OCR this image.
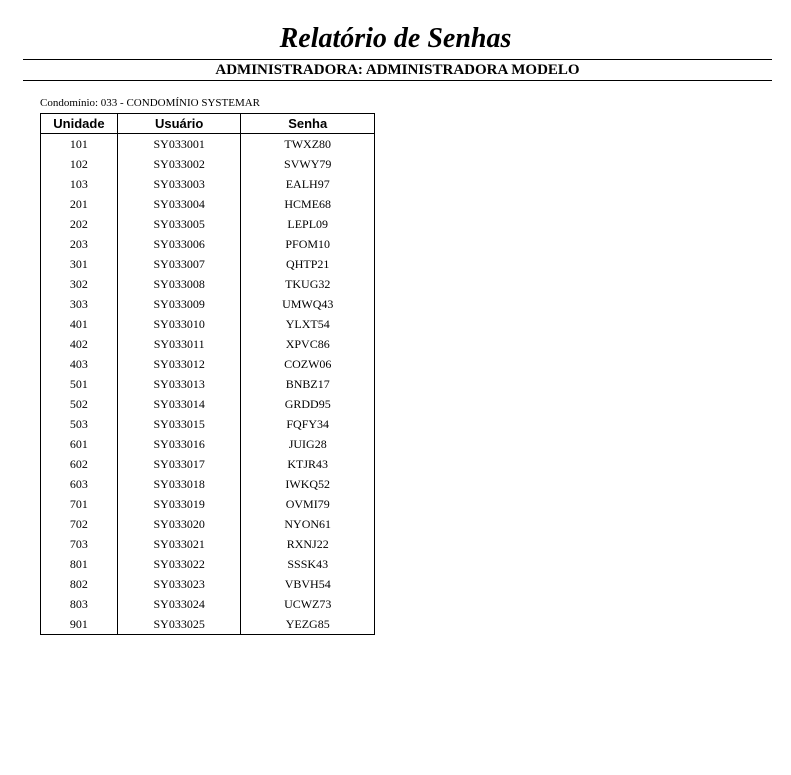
Relatório de Senhas
ADMINISTRADORA: ADMINISTRADORA MODELO
Condomínio: 033 - CONDOMÍNIO SYSTEMAR
Unidade	Usuário	Senha
101	SY033001	TWXZ80
102	SY033002	SVWY79
103	SY033003	EALH97
201	SY033004	HCME68
202	SY033005	LEPL09
203	SY033006	PFOM10
301	SY033007	QHTP21
302	SY033008	TKUG32
303	SY033009	UMWQ43
401	SY033010	YLXT54
402	SY033011	XPVC86
403	SY033012	COZW06
501	SY033013	BNBZ17
502	SY033014	GRDD95
503	SY033015	FQFY34
601	SY033016	JUIG28
602	SY033017	KTJR43
603	SY033018	IWKQ52
701	SY033019	OVMI79
702	SY033020	NYON61
703	SY033021	RXNJ22
801	SY033022	SSSK43
802	SY033023	VBVH54
803	SY033024	UCWZ73
901	SY033025	YEZG85
